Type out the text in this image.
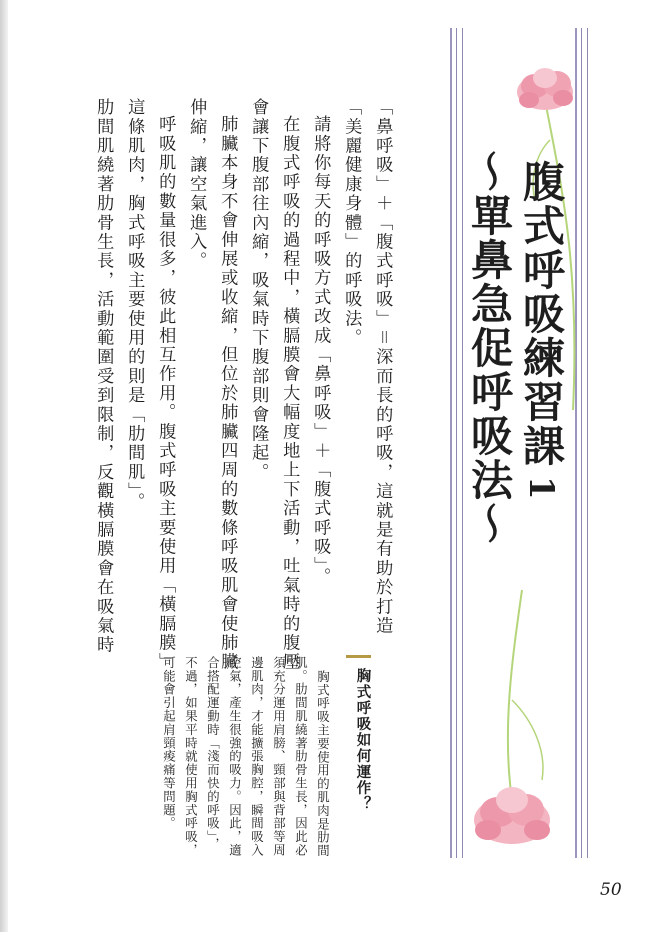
腹式呼吸練習課1
〜單鼻急促呼吸法〜
「鼻呼吸」＋「腹式呼吸」＝深而長的呼吸，這就是有助於打造
「美麗健康身體」的呼吸法。
請將你每天的呼吸方式改成「鼻呼吸」＋「腹式呼吸」。
在腹式呼吸的過程中，橫膈膜會大幅度地上下活動，吐氣時的腹壓
會讓下腹部往內縮，吸氣時下腹部則會隆起。
肺臟本身不會伸展或收縮，但位於肺臟四周的數條呼吸肌會使肺臟
伸縮，讓空氣進入。
呼吸肌的數量很多，彼此相互作用。腹式呼吸主要使用「橫膈膜」
這條肌肉，胸式呼吸主要使用的則是「肋間肌」。
肋間肌繞著肋骨生長，活動範圍受到限制，反觀橫膈膜會在吸氣時
胸式呼吸如何運作？
胸式呼吸主要使用的肌肉是肋間
肌。肋間肌繞著肋骨生長，因此必
須充分運用肩膀、頸部與背部等周
邊肌肉，才能擴張胸腔，瞬間吸入
空氣，產生很強的吸力。因此，適
合搭配運動時「淺而快的呼吸」，
不過，如果平時就使用胸式呼吸，
可能會引起肩頸痠痛等問題。
50
